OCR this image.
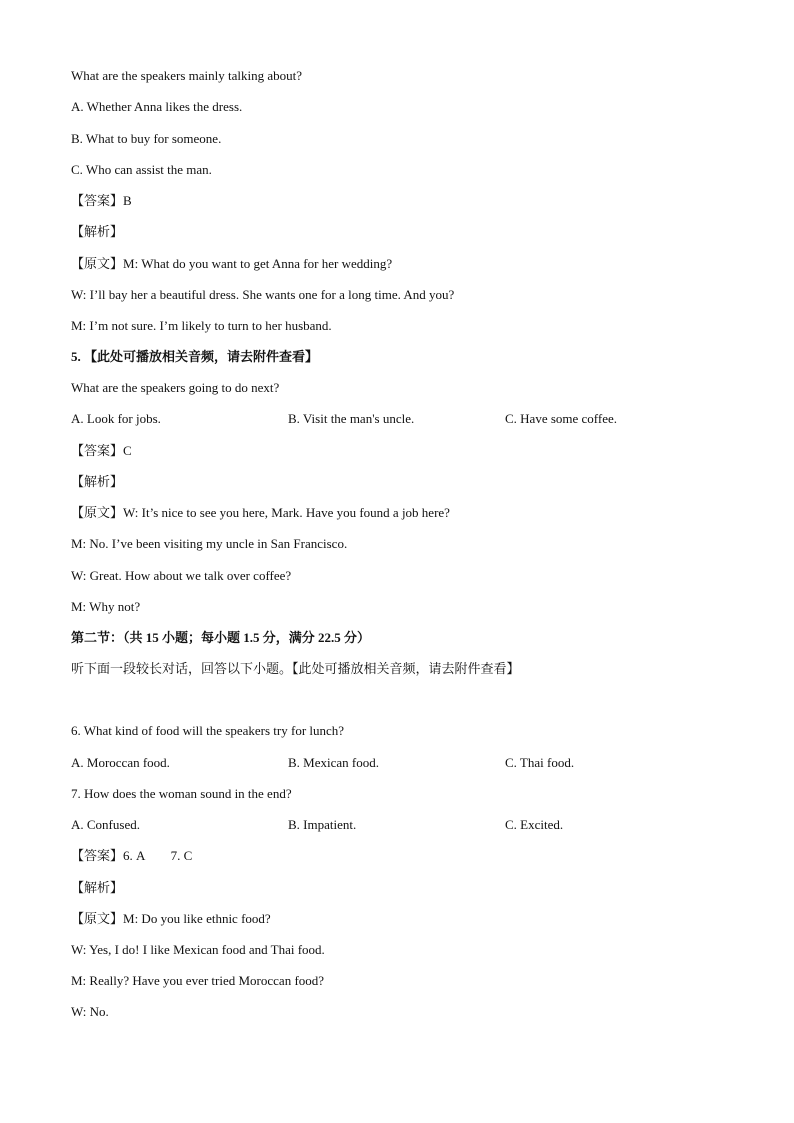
What are the speakers mainly talking about?
A. Whether Anna likes the dress.
B. What to buy for someone.
C. Who can assist the man.
【答案】B
【解析】
【原文】M: What do you want to get Anna for her wedding?
W: I’ll bay her a beautiful dress. She wants one for a long time. And you?
M: I’m not sure. I’m likely to turn to her husband.
5. 【此处可播放相关音频，请去附件查看】
What are the speakers going to do next?
A. Look for jobs.	B. Visit the man's uncle.	C. Have some coffee.
【答案】C
【解析】
【原文】W: It’s nice to see you here, Mark. Have you found a job here?
M: No. I’ve been visiting my uncle in San Francisco.
W: Great. How about we talk over coffee?
M: Why not?
第二节：（共 15 小题；每小题 1.5 分，满分 22.5 分）
听下面一段较长对话，回答以下小题。【此处可播放相关音频，请去附件查看】
6. What kind of food will the speakers try for lunch?
A. Moroccan food.	B. Mexican food.	C. Thai food.
7. How does the woman sound in the end?
A. Confused.	B. Impatient.	C. Excited.
【答案】6. A        7. C
【解析】
【原文】M: Do you like ethnic food?
W: Yes, I do! I like Mexican food and Thai food.
M: Really? Have you ever tried Moroccan food?
W: No.
